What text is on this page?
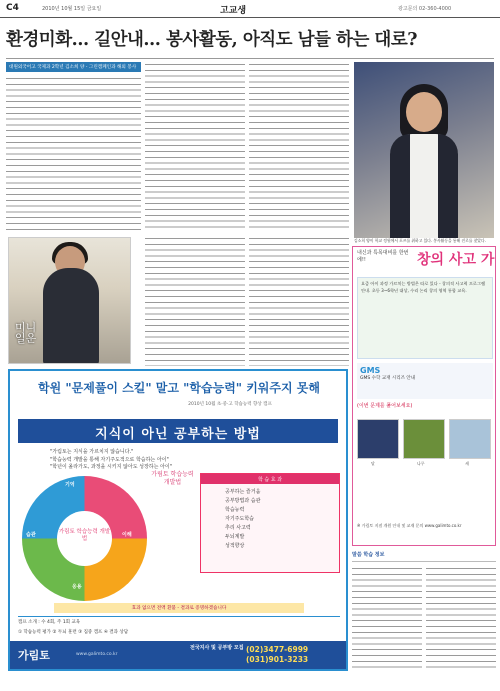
C4	2010년 10월 15일 금요일	고교생	광고문의 02-360-4000
환경미화… 길안내… 봉사활동, 아직도 남들 하는 대로?
대원외국어고 국제과 2학년 김소희 양 - 그린캠페인과 해외 봉사
미니 일운
김소희 양이 학교 정원에서 포즈를 취하고 있다. 봉사활동을 통해 진로를 찾았다.
학원 "문제풀이 스킬" 말고 "학습능력" 키워주지 못해
2010년 10월 초·중·고 학습능력 향상 캠프
지식이 아닌 공부하는 방법
"가림토는 지식을 가르치지 않습니다."
"학습능력 개발을 통해 자기주도적으로 학습하는 아이"
"학년이 올라가도, 과정을 시키지 않아도 성장하는 아이"
기억
이해
응용
습관	가림토 학습능력 개발법
가림토 학습능력 개발법	학 습 효 과
공부하는 즐거움
공부방법과 습관
학습능력
자기주도학습
추리 사고력
두뇌계발
성적향상
효과 없으면 전액 환불 - 결과로 증명하겠습니다
캠프 소개 : 수 4회, 주 1회 교육
① 학습능력 평가 ② 두뇌 훈련 ③ 집중 캠프 ④ 결과 상담
가림토	www.galimto.co.kr
전국지사 및 공부방 모집 (02)3477-6999
(031)901-3233
내신과 특목대비를 한번에!!	창의 사고 가
요즘 아이 과정 가르치는 방법은 따로 있다 - 창의적 사고력 프로그램 안내. 초등 3~6학년 대상, 수리 논리 창의 영역 통합 교육.
GMS
GMS 수학 교재 시리즈 안내
(이번 문제를 풀어보세요)
달	나무	새
※ 가림토 지점 개원 안내 및 교재 문의 www.galimto.co.kr
말씀 학습 정보
